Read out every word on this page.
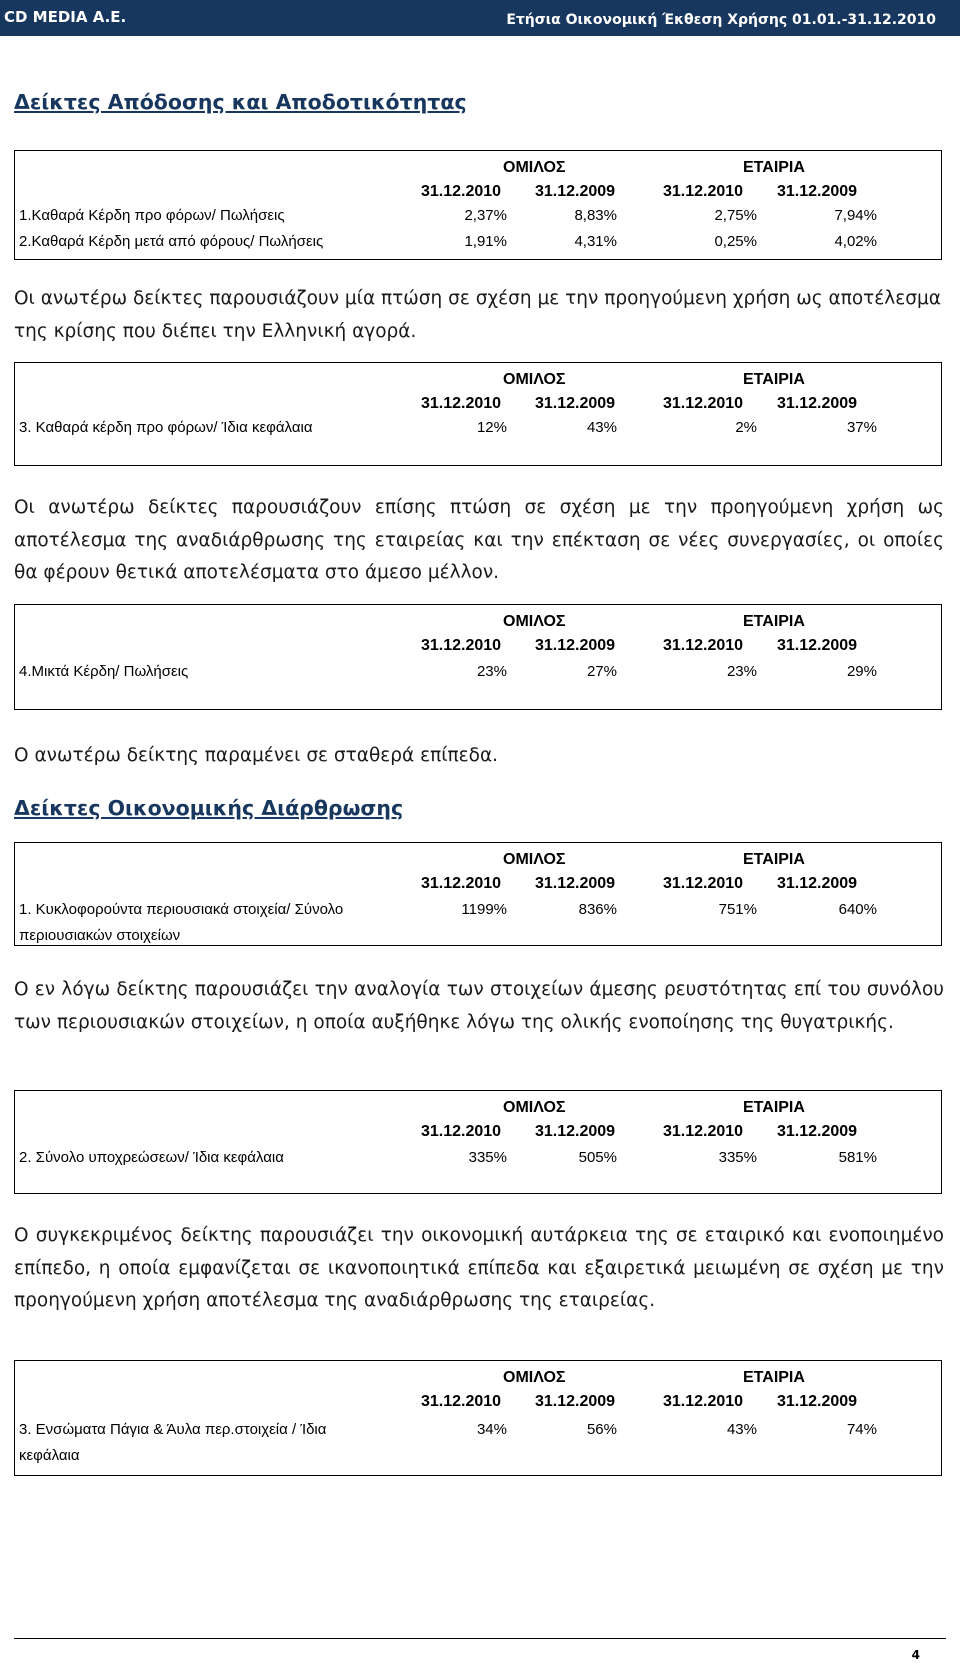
CD MEDIA A.E.	Ετήσια Οικονομική Έκθεση Χρήσης 01.01.-31.12.2010
Δείκτες Απόδοσης και Αποδοτικότητας
ΟΜΙΛΟΣ	ΕΤΑΙΡΙΑ
31.12.2010 31.12.2009	31.12.2010 31.12.2009
1.Καθαρά Κέρδη προ φόρων/ Πωλήσεις	2,37%	8,83%	2,75%	7,94%
2.Καθαρά Κέρδη μετά από φόρους/ Πωλήσεις	1,91%	4,31%	0,25%	4,02%
Οι ανωτέρω δείκτες παρουσιάζουν μία πτώση σε σχέση με την προηγούμενη χρήση ως αποτέλεσμα της κρίσης που διέπει την Ελληνική αγορά.
ΟΜΙΛΟΣ	ΕΤΑΙΡΙΑ
31.12.2010 31.12.2009	31.12.2010 31.12.2009
3. Καθαρά κέρδη προ φόρων/ Ίδια κεφάλαια	12%	43%	2%	37%
Οι ανωτέρω δείκτες παρουσιάζουν επίσης πτώση σε σχέση με την προηγούμενη χρήση ως αποτέλεσμα της αναδιάρθρωσης της εταιρείας και την επέκταση σε νέες συνεργασίες, οι οποίες θα φέρουν θετικά αποτελέσματα στο άμεσο μέλλον.
ΟΜΙΛΟΣ	ΕΤΑΙΡΙΑ
31.12.2010 31.12.2009	31.12.2010 31.12.2009
4.Μικτά Κέρδη/ Πωλήσεις	23%	27%	23%	29%
Ο ανωτέρω δείκτης παραμένει σε σταθερά επίπεδα.
Δείκτες Οικονομικής Διάρθρωσης
ΟΜΙΛΟΣ	ΕΤΑΙΡΙΑ
31.12.2010 31.12.2009	31.12.2010 31.12.2009
1. Κυκλοφορούντα περιουσιακά στοιχεία/ Σύνολο περιουσιακών στοιχείων
1199%	836%	751%	640%
Ο εν λόγω δείκτης παρουσιάζει την αναλογία των στοιχείων άμεσης ρευστότητας επί του συνόλου των περιουσιακών στοιχείων, η οποία αυξήθηκε λόγω της ολικής ενοποίησης της θυγατρικής.
ΟΜΙΛΟΣ	ΕΤΑΙΡΙΑ
31.12.2010 31.12.2009	31.12.2010 31.12.2009
2. Σύνολο υποχρεώσεων/ Ίδια κεφάλαια	335%	505%	335%	581%
Ο συγκεκριμένος δείκτης παρουσιάζει την οικονομική αυτάρκεια της σε εταιρικό και ενοποιημένο επίπεδο, η οποία εμφανίζεται σε ικανοποιητικά επίπεδα και εξαιρετικά μειωμένη σε σχέση με την προηγούμενη χρήση αποτέλεσμα της αναδιάρθρωσης της εταιρείας.
ΟΜΙΛΟΣ	ΕΤΑΙΡΙΑ
31.12.2010 31.12.2009	31.12.2010 31.12.2009
3. Ενσώματα Πάγια & Άυλα περ.στοιχεία / Ίδια κεφάλαια
34%	56%	43%	74%
4
